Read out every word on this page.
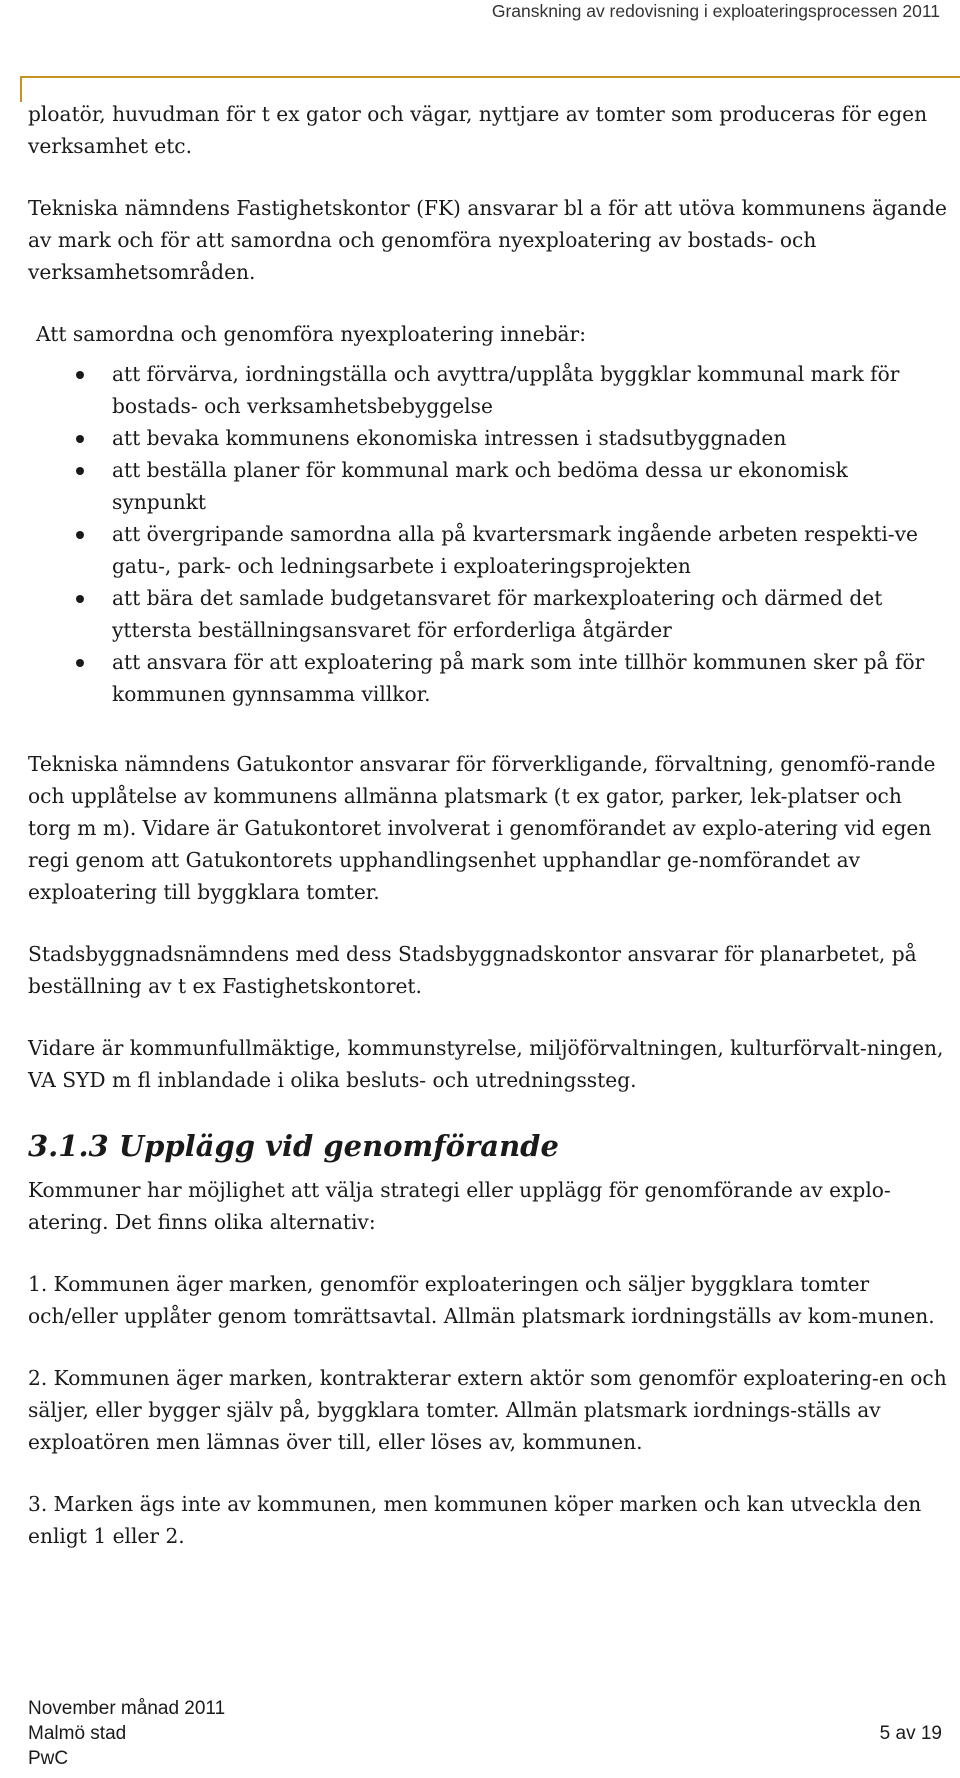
Granskning av redovisning i exploateringsprocessen 2011

ploatör, huvudman för t ex gator och vägar, nyttjare av tomter som produceras för egen verksamhet etc.

Tekniska nämndens Fastighetskontor (FK) ansvarar bl a för att utöva kommunens ägande av mark och för att samordna och genomföra nyexploatering av bostads- och verksamhetsområden.

Att samordna och genomföra nyexploatering innebär:

att förvärva, iordningställa och avyttra/upplåta byggklar kommunal mark för bostads- och verksamhetsbebyggelse
att bevaka kommunens ekonomiska intressen i stadsutbyggnaden
att beställa planer för kommunal mark och bedöma dessa ur ekonomisk synpunkt
att övergripande samordna alla på kvartersmark ingående arbeten respekti-ve gatu-, park- och ledningsarbete i exploateringsprojekten
att bära det samlade budgetansvaret för markexploatering och därmed det yttersta beställningsansvaret för erforderliga åtgärder
att ansvara för att exploatering på mark som inte tillhör kommunen sker på för kommunen gynnsamma villkor.

Tekniska nämndens Gatukontor ansvarar för förverkligande, förvaltning, genomfö-rande och upplåtelse av kommunens allmänna platsmark (t ex gator, parker, lek-platser och torg m m). Vidare är Gatukontoret involverat i genomförandet av explo-atering vid egen regi genom att Gatukontorets upphandlingsenhet upphandlar ge-nomförandet av exploatering till byggklara tomter.

Stadsbyggnadsnämndens med dess Stadsbyggnadskontor ansvarar för planarbetet, på beställning av t ex Fastighetskontoret.

Vidare är kommunfullmäktige, kommunstyrelse, miljöförvaltningen, kulturförvalt-ningen, VA SYD m fl inblandade i olika besluts- och utredningssteg.

3.1.3 Upplägg vid genomförande

Kommuner har möjlighet att välja strategi eller upplägg för genomförande av explo-atering. Det finns olika alternativ:

1. Kommunen äger marken, genomför exploateringen och säljer byggklara tomter och/eller upplåter genom tomrättsavtal. Allmän platsmark iordningställs av kom-munen.

2. Kommunen äger marken, kontrakterar extern aktör som genomför exploatering-en och säljer, eller bygger själv på, byggklara tomter. Allmän platsmark iordnings-ställs av exploatören men lämnas över till, eller löses av, kommunen.

3. Marken ägs inte av kommunen, men kommunen köper marken och kan utveckla den enligt 1 eller 2.

November månad 2011
Malmö stad	5 av 19
PwC
